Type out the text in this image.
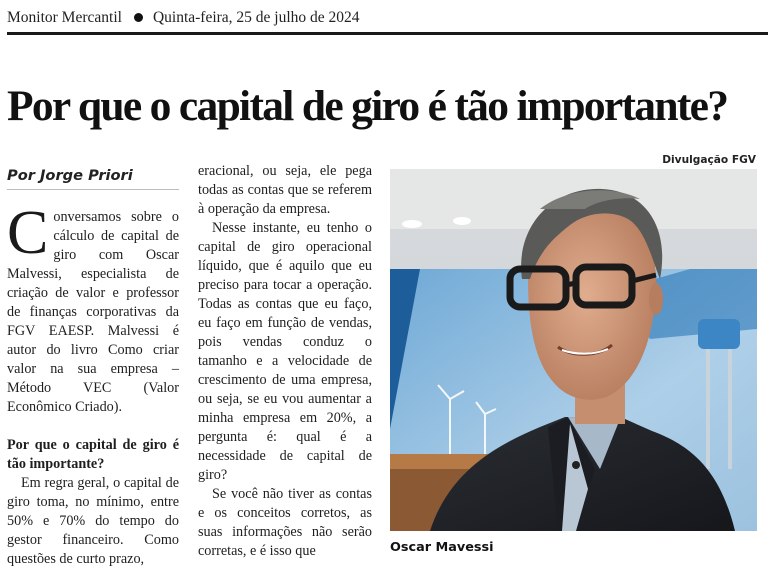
Monitor Mercantil Quinta-feira, 25 de julho de 2024
Por que o capital de giro é tão importante?
Por Jorge Priori

Conversamos sobre o cálculo de capital de giro com Oscar Malvessi, especialista de criação de valor e professor de finanças corporativas da FGV EAESP. Malvessi é autor do livro Como criar valor na sua empresa – Método VEC (Valor Econômico Criado).

Por que o capital de giro é tão importante?

Em regra geral, o capital de giro toma, no mínimo, entre 50% e 70% do tempo do gestor financeiro. Como questões de curto prazo,

eracional, ou seja, ele pega todas as contas que se referem à operação da empresa.

Nesse instante, eu tenho o capital de giro operacional líquido, que é aquilo que eu preciso para tocar a operação. Todas as contas que eu faço, eu faço em função de vendas, pois vendas conduz o tamanho e a velocidade de crescimento de uma empresa, ou seja, se eu vou aumentar a minha empresa em 20%, a pergunta é: qual é a necessidade de capital de giro?

Se você não tiver as contas e os conceitos corretos, as suas informações não serão corretas, e é isso que

Divulgação FGV
Oscar Mavessi
